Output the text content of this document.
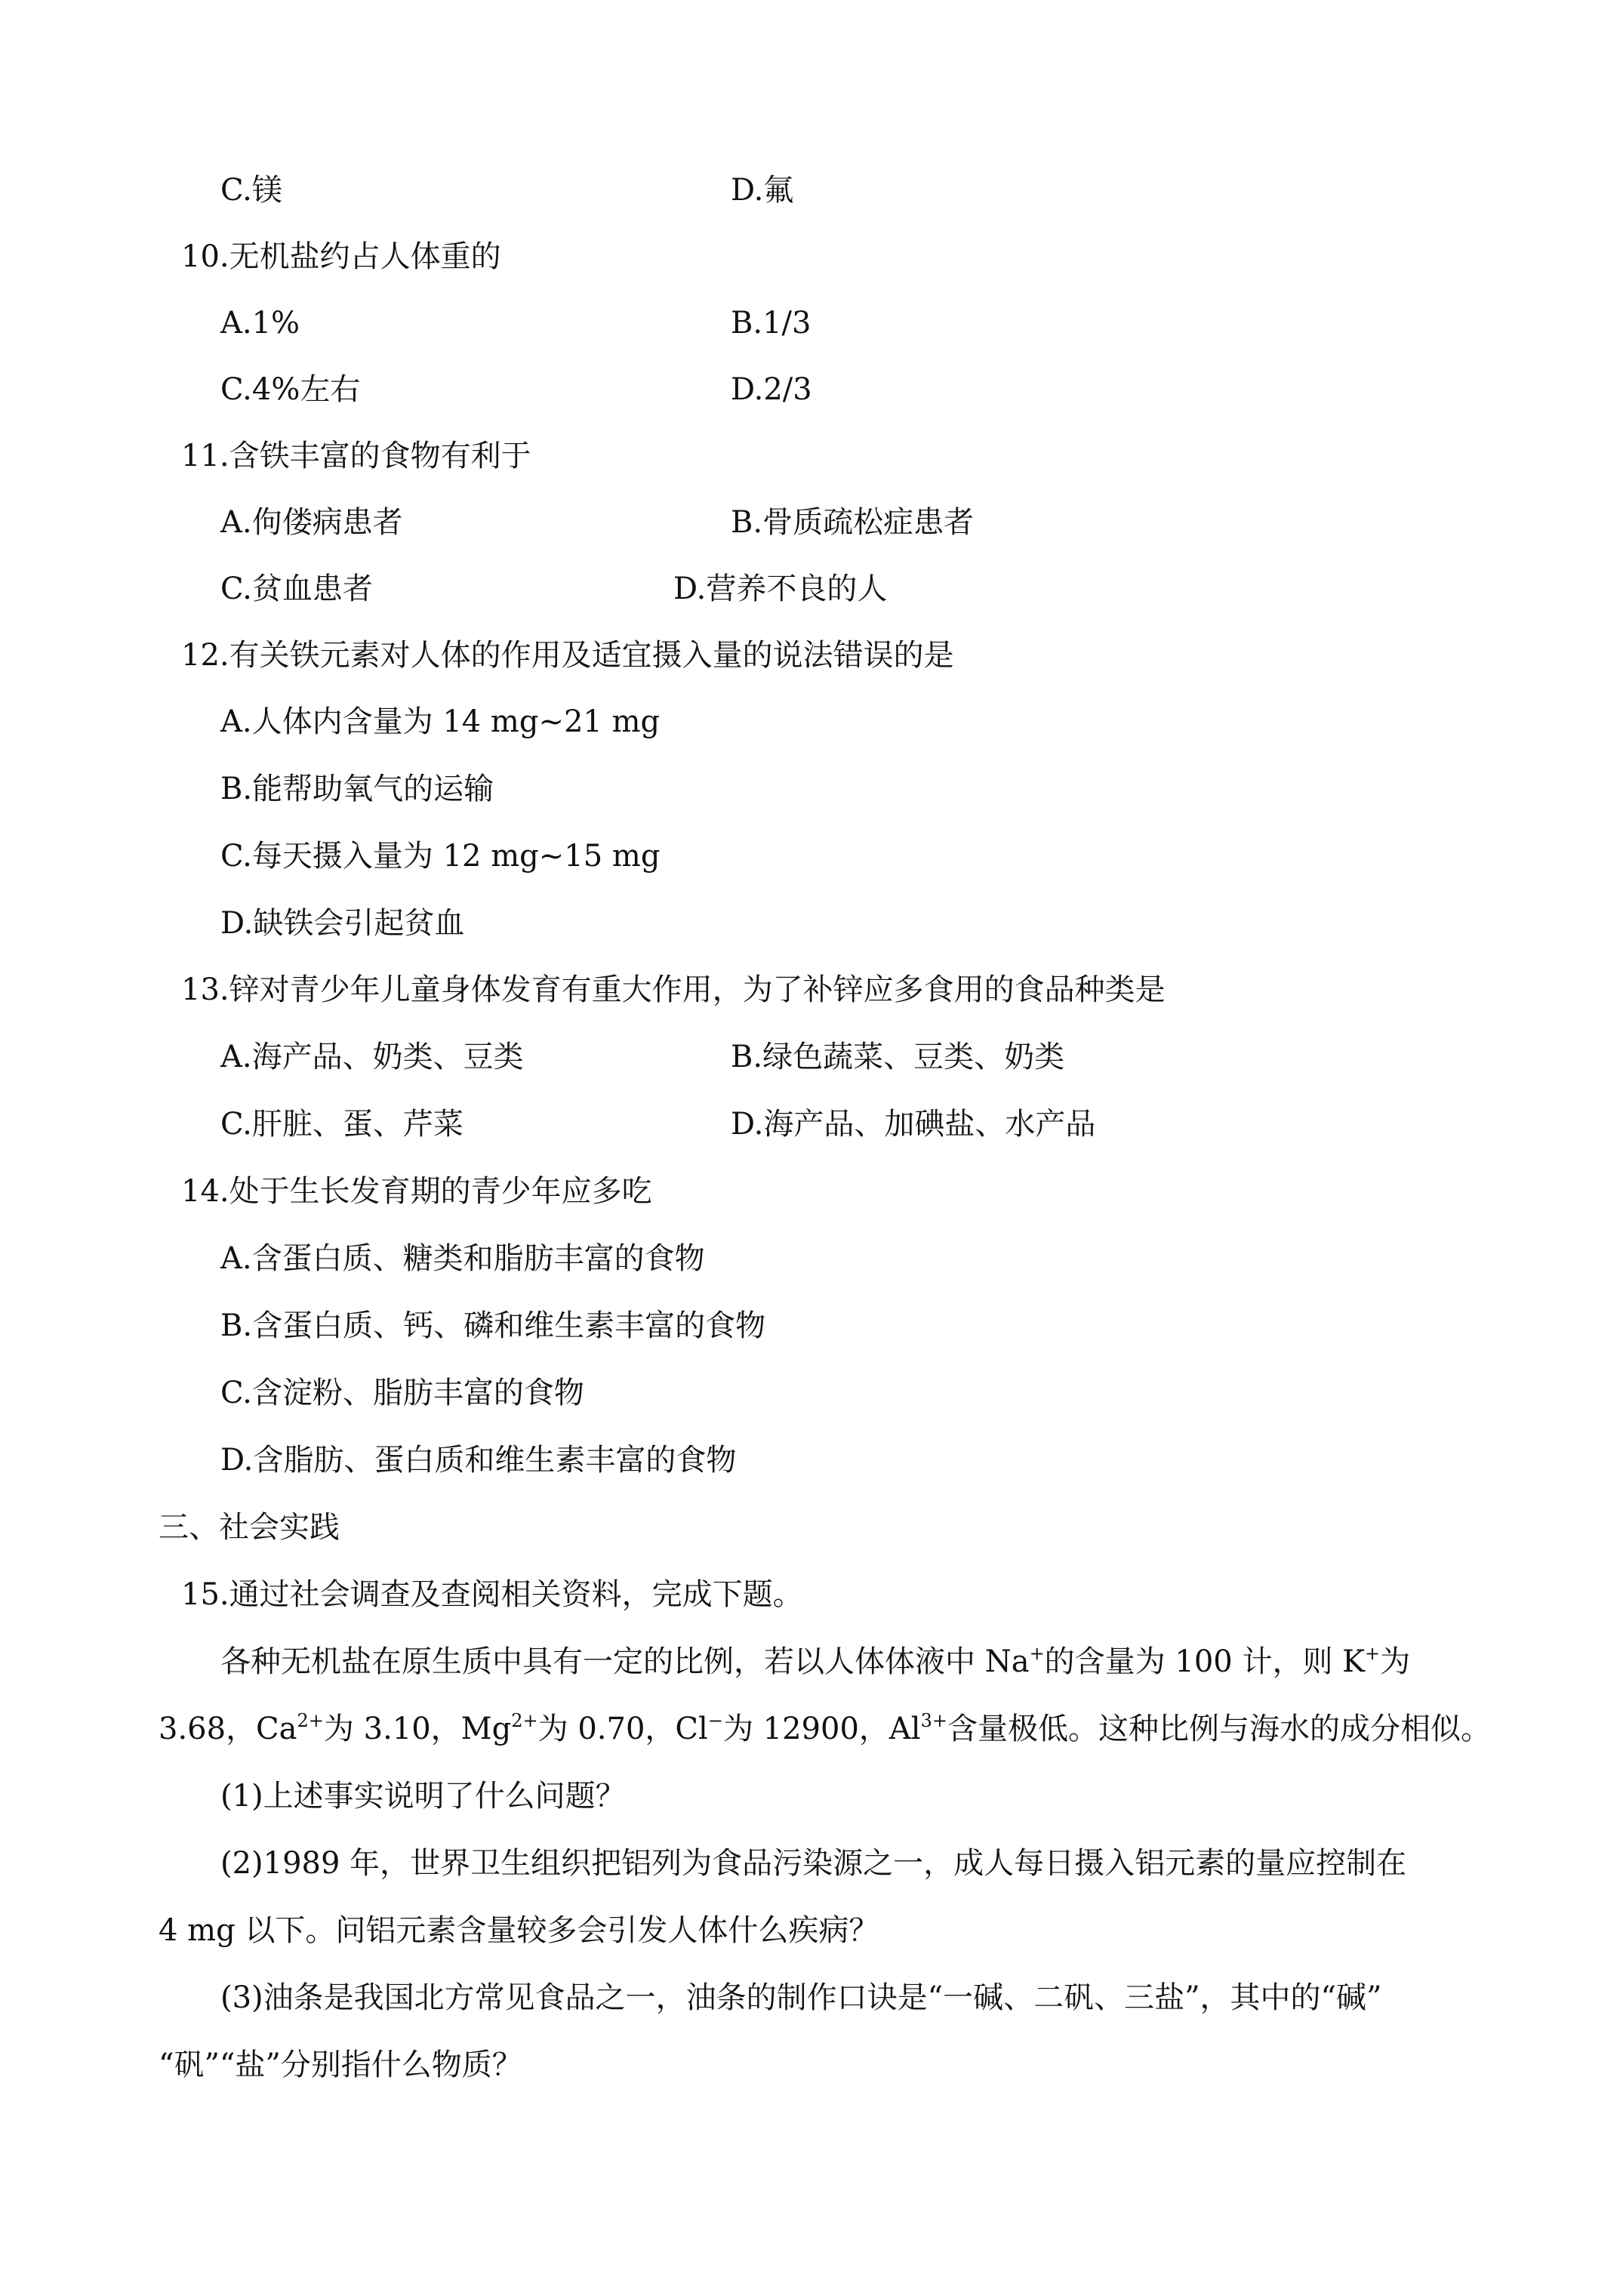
C.镁	D.氟
10.无机盐约占人体重的
A.1%	B.1/3
C.4%左右	D.2/3
11.含铁丰富的食物有利于
A.佝偻病患者	B.骨质疏松症患者
C.贫血患者	D.营养不良的人
12.有关铁元素对人体的作用及适宜摄入量的说法错误的是
A.人体内含量为 14 mg~21 mg
B.能帮助氧气的运输
C.每天摄入量为 12 mg~15 mg
D.缺铁会引起贫血
13.锌对青少年儿童身体发育有重大作用，为了补锌应多食用的食品种类是
A.海产品、奶类、豆类	B.绿色蔬菜、豆类、奶类
C.肝脏、蛋、芹菜	D.海产品、加碘盐、水产品
14.处于生长发育期的青少年应多吃
A.含蛋白质、糖类和脂肪丰富的食物
B.含蛋白质、钙、磷和维生素丰富的食物
C.含淀粉、脂肪丰富的食物
D.含脂肪、蛋白质和维生素丰富的食物
三、社会实践
15.通过社会调查及查阅相关资料，完成下题。
各种无机盐在原生质中具有一定的比例，若以人体体液中 Na+的含量为 100 计，则 K+为
3.68，$Ca^{2+}$为 3.10，$Mg^{2+}$为 0.70，Cl−为 12900，$Al^{3+}$含量极低。这种比例与海水的成分相似。
(1)上述事实说明了什么问题？
(2)1989 年，世界卫生组织把铝列为食品污染源之一，成人每日摄入铝元素的量应控制在
4 mg 以下。问铝元素含量较多会引发人体什么疾病？
(3)油条是我国北方常见食品之一，油条的制作口诀是“一碱、二矾、三盐”，其中的“碱”
“矾”“盐”分别指什么物质？
